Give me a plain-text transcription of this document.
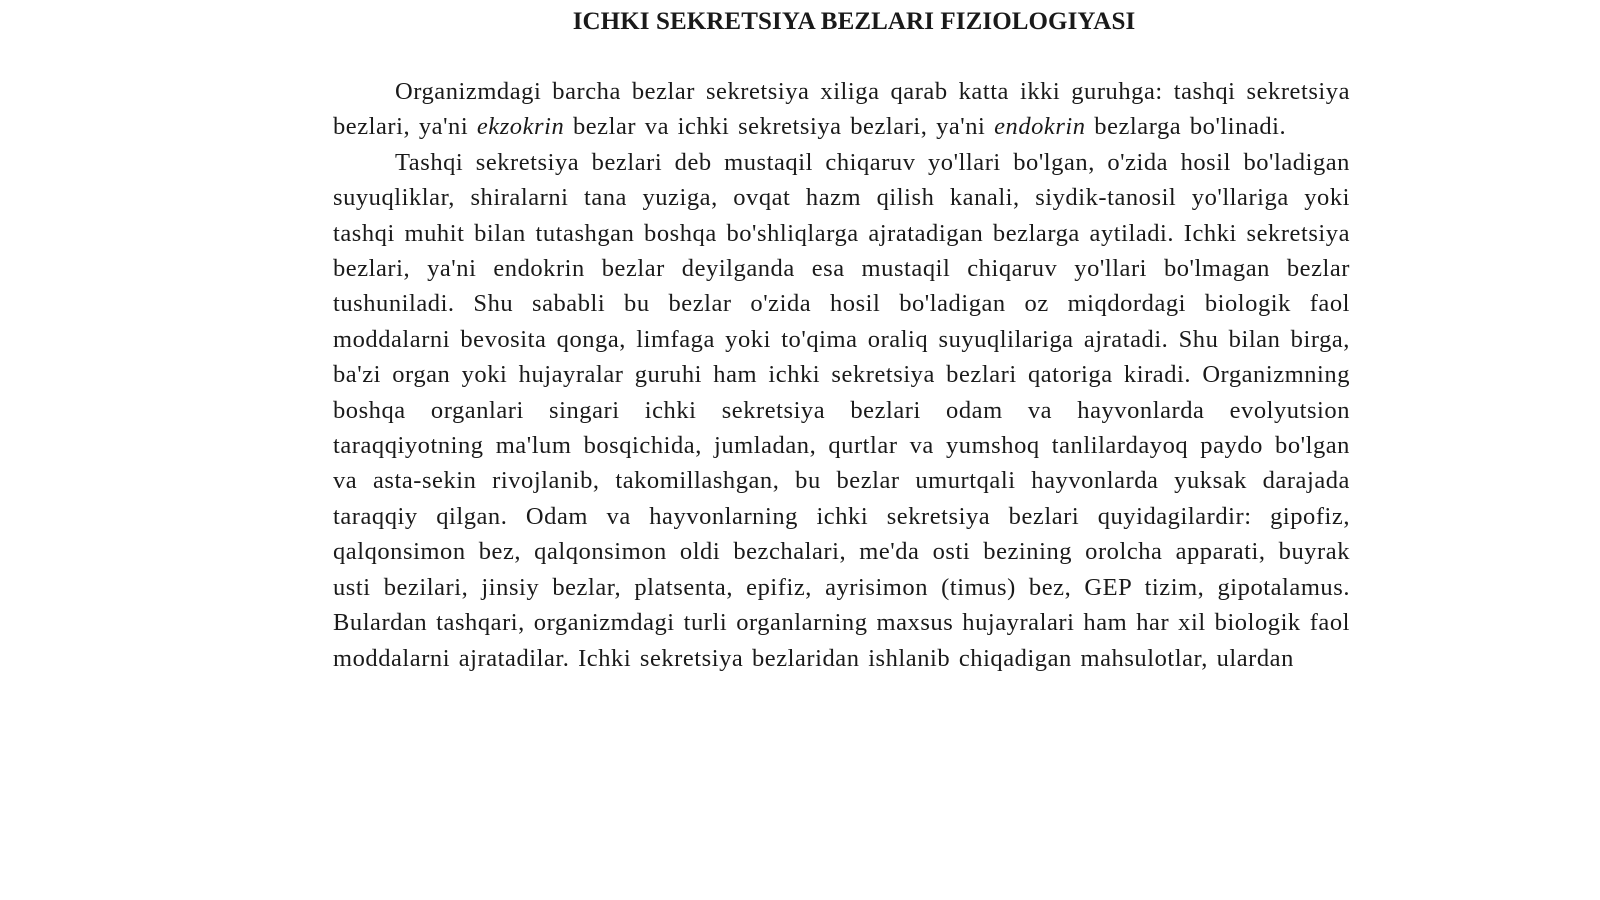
ICHKI SEKRETSIYA BEZLARI FIZIOLOGIYASI

Organizmdagi barcha bezlar sekretsiya xiliga qarab katta ikki guruhga: tashqi sekretsiya bezlari, ya'ni ekzokrin bezlar va ichki sekretsiya bezlari, ya'ni endokrin bezlarga bo'linadi.

Tashqi sekretsiya bezlari deb mustaqil chiqaruv yo'llari bo'lgan, o'zida hosil bo'ladigan suyuqliklar, shiralarni tana yuziga, ovqat hazm qilish kanali, siydik-tanosil yo'llariga yoki tashqi muhit bilan tutashgan boshqa bo'shliqlarga ajratadigan bezlarga aytiladi. Ichki sekretsiya bezlari, ya'ni endokrin bezlar deyilganda esa mustaqil chiqaruv yo'llari bo'lmagan bezlar tushuniladi. Shu sababli bu bezlar o'zida hosil bo'ladigan oz miqdordagi biologik faol moddalarni bevosita qonga, limfaga yoki to'qima oraliq suyuqlilariga ajratadi. Shu bilan birga, ba'zi organ yoki hujayralar guruhi ham ichki sekretsiya bezlari qatoriga kiradi. Organizmning boshqa organlari singari ichki sekretsiya bezlari odam va hayvonlarda evolyutsion taraqqiyotning ma'lum bosqichida, jumladan, qurtlar va yumshoq tanlilardayoq paydo bo'lgan va asta-sekin rivojlanib, takomillashgan, bu bezlar umurtqali hayvonlarda yuksak darajada taraqqiy qilgan. Odam va hayvonlarning ichki sekretsiya bezlari quyidagilardir: gipofiz, qalqonsimon bez, qalqonsimon oldi bezchalari, me'da osti bezining orolcha apparati, buyrak usti bezilari, jinsiy bezlar, platsenta, epifiz, ayrisimon (timus) bez, GEP tizim, gipotalamus. Bulardan tashqari, organizmdagi turli organlarning maxsus hujayralari ham har xil biologik faol moddalarni ajratadilar. Ichki sekretsiya bezlaridan ishlanib chiqadigan mahsulotlar, ulardan
